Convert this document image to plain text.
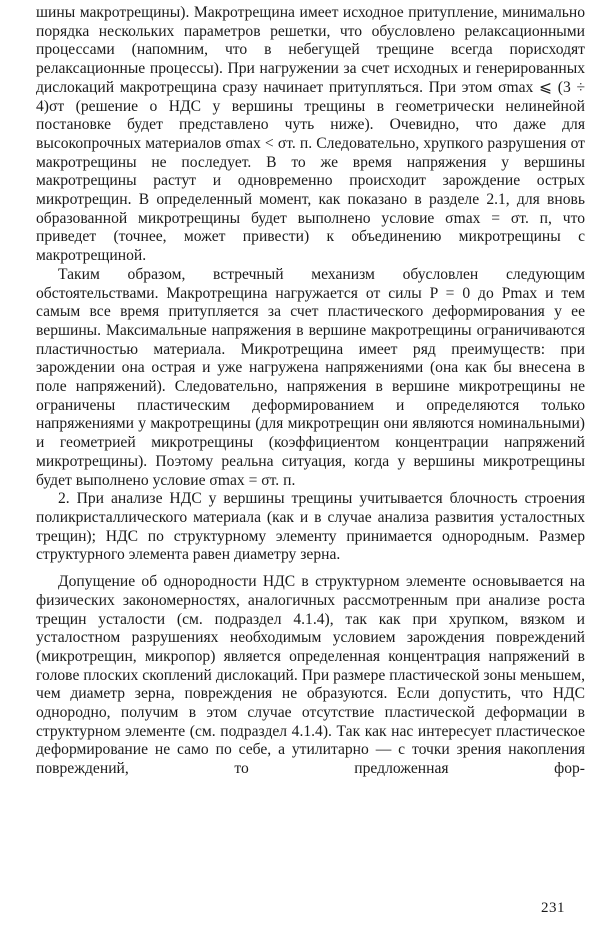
шины макротрещины). Макротрещина имеет исходное притупление, минимально порядка нескольких параметров решетки, что обусловлено релаксационными процессами (напомним, что в небегущей трещине всегда порисходят релаксационные процессы). При нагружении за счет исходных и генерированных дислокаций макротрещина сразу начинает притупляться. При этом σmax ⩽ (3 ÷ 4)σт (решение о НДС у вершины трещины в геометрически нелинейной постановке будет представлено чуть ниже). Очевидно, что даже для высокопрочных материалов σmax < σт. п. Следовательно, хрупкого разрушения от макротрещины не последует. В то же время напряжения у вершины макротрещины растут и одновременно происходит зарождение острых микротрещин. В определенный момент, как показано в разделе 2.1, для вновь образованной микротрещины будет выполнено условие σmax = σт. п, что приведет (точнее, может привести) к объединению микротрещины с макротрещиной.

Таким образом, встречный механизм обусловлен следующим обстоятельствами. Макротрещина нагружается от силы P = 0 до Pmax и тем самым все время притупляется за счет пластического деформирования у ее вершины. Максимальные напряжения в вершине макротрещины ограничиваются пластичностью материала. Микротрещина имеет ряд преимуществ: при зарождении она острая и уже нагружена напряжениями (она как бы внесена в поле напряжений). Следовательно, напряжения в вершине микротрещины не ограничены пластическим деформированием и определяются только напряжениями у макротрещины (для микротрещин они являются номинальными) и геометрией микротрещины (коэффициентом концентрации напряжений микротрещины). Поэтому реальна ситуация, когда у вершины микротрещины будет выполнено условие σmax = σт. п.

2. При анализе НДС у вершины трещины учитывается блочность строения поликристаллического материала (как и в случае анализа развития усталостных трещин); НДС по структурному элементу принимается однородным. Размер структурного элемента равен диаметру зерна.

Допущение об однородности НДС в структурном элементе основывается на физических закономерностях, аналогичных рассмотренным при анализе роста трещин усталости (см. подраздел 4.1.4), так как при хрупком, вязком и усталостном разрушениях необходимым условием зарождения повреждений (микротрещин, микропор) является определенная концентрация напряжений в голове плоских скоплений дислокаций. При размере пластической зоны меньшем, чем диаметр зерна, повреждения не образуются. Если допустить, что НДС однородно, получим в этом случае отсутствие пластической деформации в структурном элементе (см. подраздел 4.1.4). Так как нас интересует пластическое деформирование не само по себе, а утилитарно — с точки зрения накопления повреждений, то предложенная фор-

231
